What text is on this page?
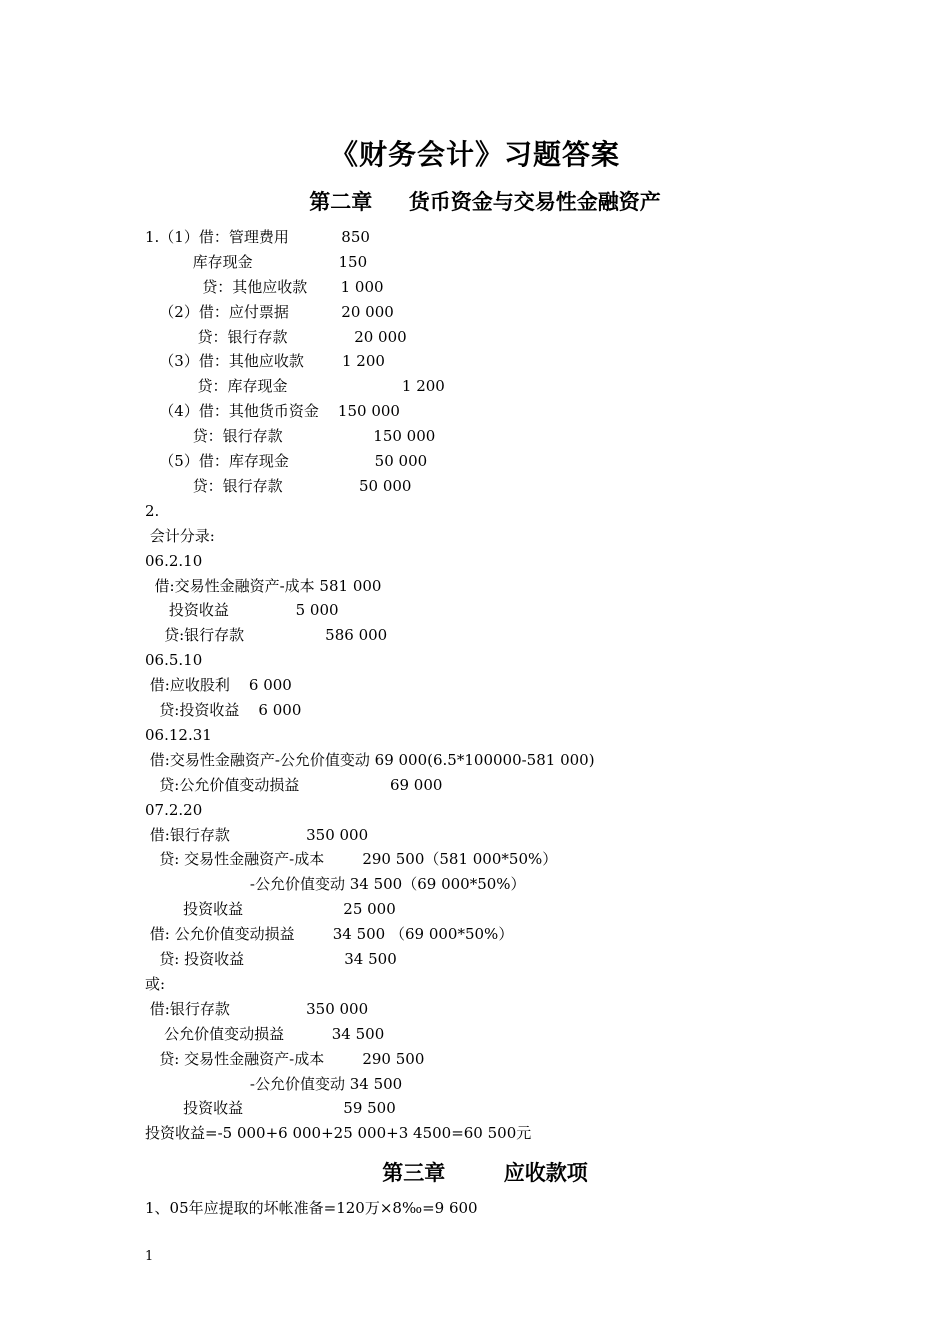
《财务会计》习题答案
第二章     货币资金与交易性金融资产
1.（1）借：管理费用           850
库存现金                  150
贷：其他应收款       1 000
（2）借：应付票据           20 000
贷：银行存款              20 000
（3）借：其他应收款        1 200
贷：库存现金                        1 200
（4）借：其他货币资金    150 000
贷：银行存款                   150 000
（5）借：库存现金                  50 000
贷：银行存款                50 000
2.
会计分录:
06.2.10
借:交易性金融资产-成本 581 000
投资收益              5 000
贷:银行存款                 586 000
06.5.10
借:应收股利    6 000
贷:投资收益    6 000
06.12.31
借:交易性金融资产-公允价值变动 69 000(6.5*100000-581 000)
贷:公允价值变动损益                   69 000
07.2.20
借:银行存款                350 000
贷: 交易性金融资产-成本        290 500（581 000*50%）
-公允价值变动 34 500（69 000*50%）
投资收益                     25 000
借: 公允价值变动损益        34 500 （69 000*50%）
贷: 投资收益                     34 500
或:
借:银行存款                350 000
公允价值变动损益          34 500
贷: 交易性金融资产-成本        290 500
-公允价值变动 34 500
投资收益                     59 500
投资收益=-5 000+6 000+25 000+3 4500=60 500元
第三章        应收款项
1、05年应提取的坏帐准备=120万×8‰=9 600
1
